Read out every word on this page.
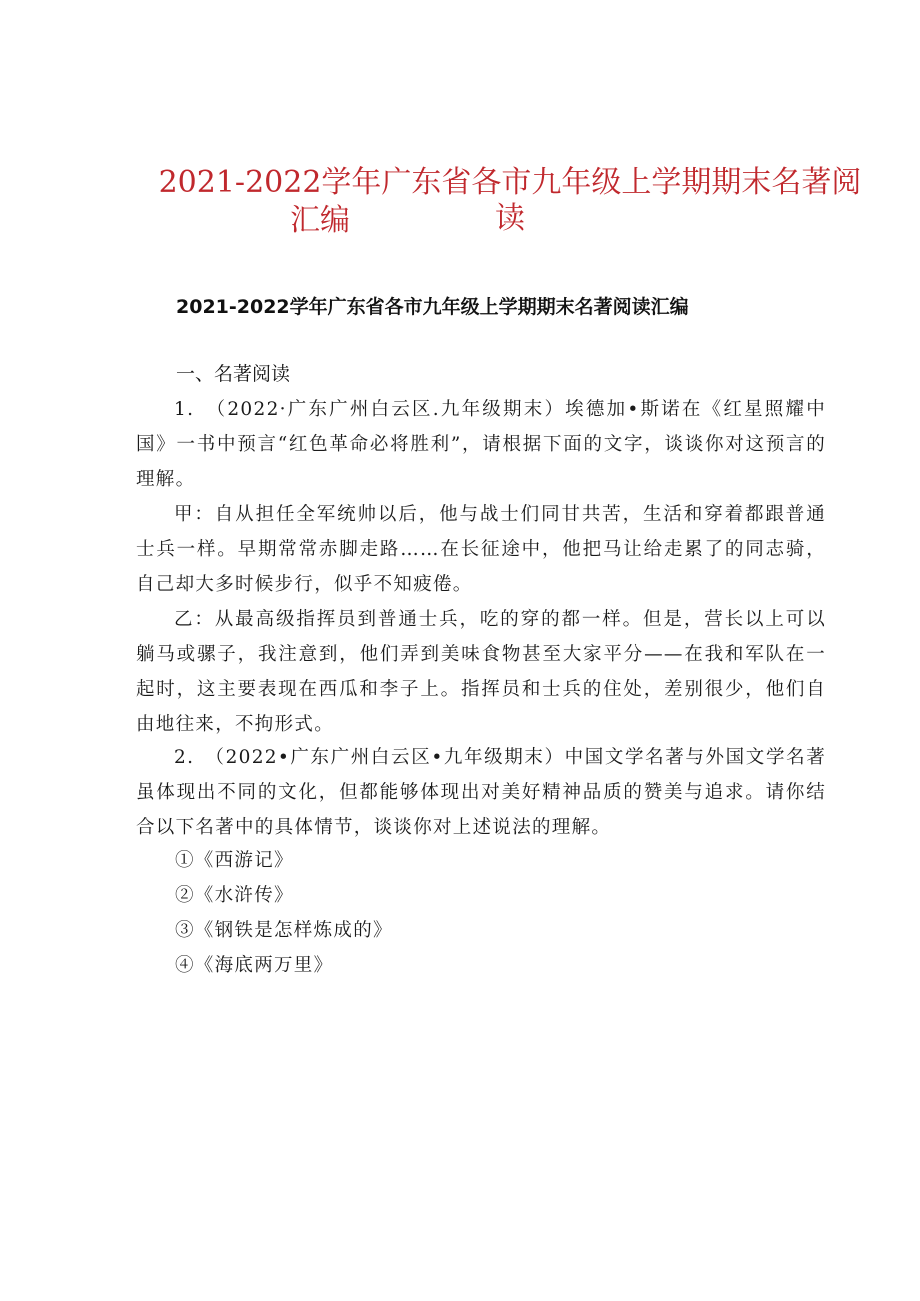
2021-2022学年广东省各市九年级上学期期末名著阅读
汇编
2021-2022学年广东省各市九年级上学期期末名著阅读汇编
一、名著阅读

1.　（2022·广东广州白云区.九年级期末）埃德加•斯诺在《红星照耀中国》一书中预言“红色革命必将胜利”，请根据下面的文字，谈谈你对这预言的理解。

甲：自从担任全军统帅以后，他与战士们同甘共苦，生活和穿着都跟普通士兵一样。早期常常赤脚走路……在长征途中，他把马让给走累了的同志骑，自己却大多时候步行，似乎不知疲倦。

乙：从最高级指挥员到普通士兵，吃的穿的都一样。但是，营长以上可以躺马或骡子，我注意到，他们弄到美味食物甚至大家平分——在我和军队在一起时，这主要表现在西瓜和李子上。指挥员和士兵的住处，差别很少，他们自由地往来，不拘形式。

2.　（2022•广东广州白云区•九年级期末）中国文学名著与外国文学名著虽体现出不同的文化，但都能够体现出对美好精神品质的赞美与追求。请你结合以下名著中的具体情节，谈谈你对上述说法的理解。

①《西游记》
②《水浒传》
③《钢铁是怎样炼成的》
④《海底两万里》
